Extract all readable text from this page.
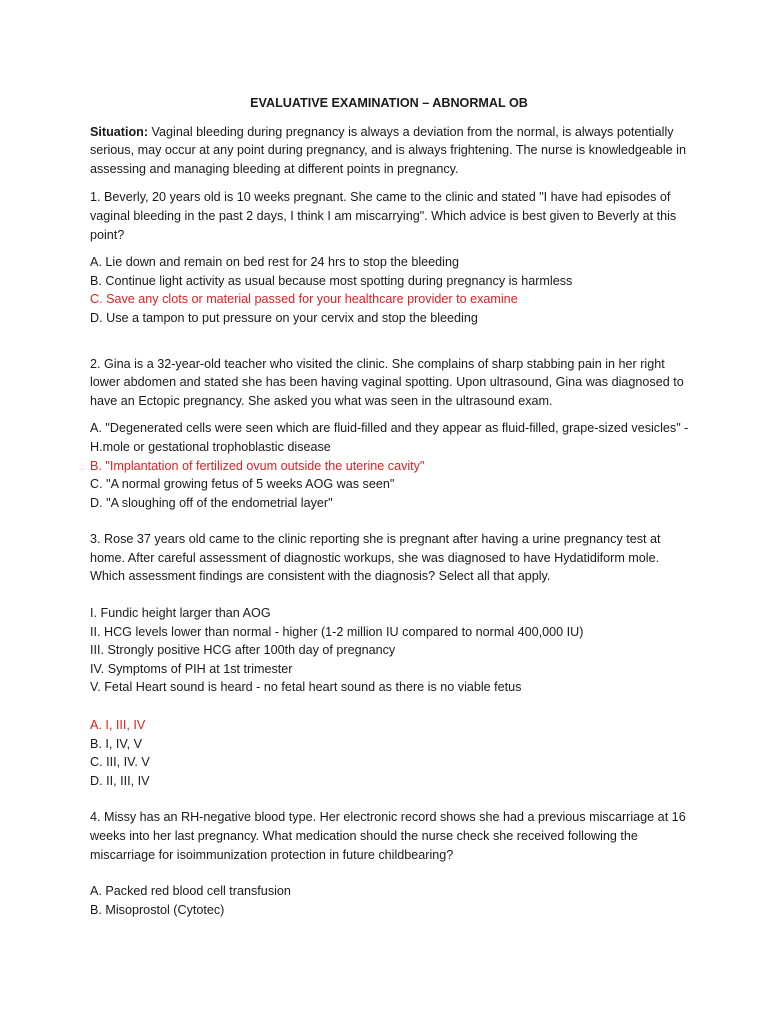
EVALUATIVE EXAMINATION – ABNORMAL OB

Situation: Vaginal bleeding during pregnancy is always a deviation from the normal, is always potentially serious, may occur at any point during pregnancy, and is always frightening. The nurse is knowledgeable in assessing and managing bleeding at different points in pregnancy.

1. Beverly, 20 years old is 10 weeks pregnant. She came to the clinic and stated "I have had episodes of vaginal bleeding in the past 2 days, I think I am miscarrying". Which advice is best given to Beverly at this point?

A. Lie down and remain on bed rest for 24 hrs to stop the bleeding

B. Continue light activity as usual because most spotting during pregnancy is harmless

C. Save any clots or material passed for your healthcare provider to examine

D. Use a tampon to put pressure on your cervix and stop the bleeding

2. Gina is a 32-year-old teacher who visited the clinic. She complains of sharp stabbing pain in her right lower abdomen and stated she has been having vaginal spotting. Upon ultrasound, Gina was diagnosed to have an Ectopic pregnancy. She asked you what was seen in the ultrasound exam.

A. "Degenerated cells were seen which are fluid-filled and they appear as fluid-filled, grape-sized vesicles" - H.mole or gestational trophoblastic disease

B. "Implantation of fertilized ovum outside the uterine cavity"

C. "A normal growing fetus of 5 weeks AOG was seen"

D. "A sloughing off of the endometrial layer"

3. Rose 37 years old came to the clinic reporting she is pregnant after having a urine pregnancy test at home. After careful assessment of diagnostic workups, she was diagnosed to have Hydatidiform mole. Which assessment findings are consistent with the diagnosis? Select all that apply.

I. Fundic height larger than AOG

II. HCG levels lower than normal - higher (1-2 million IU compared to normal 400,000 IU)

III. Strongly positive HCG after 100th day of pregnancy

IV. Symptoms of PIH at 1st trimester

V. Fetal Heart sound is heard - no fetal heart sound as there is no viable fetus

A. I, III, IV

B. I, IV, V

C. III, IV. V

D. II, III, IV

4. Missy has an RH-negative blood type. Her electronic record shows she had a previous miscarriage at 16 weeks into her last pregnancy. What medication should the nurse check she received following the miscarriage for isoimmunization protection in future childbearing?

A. Packed red blood cell transfusion

B. Misoprostol (Cytotec)
